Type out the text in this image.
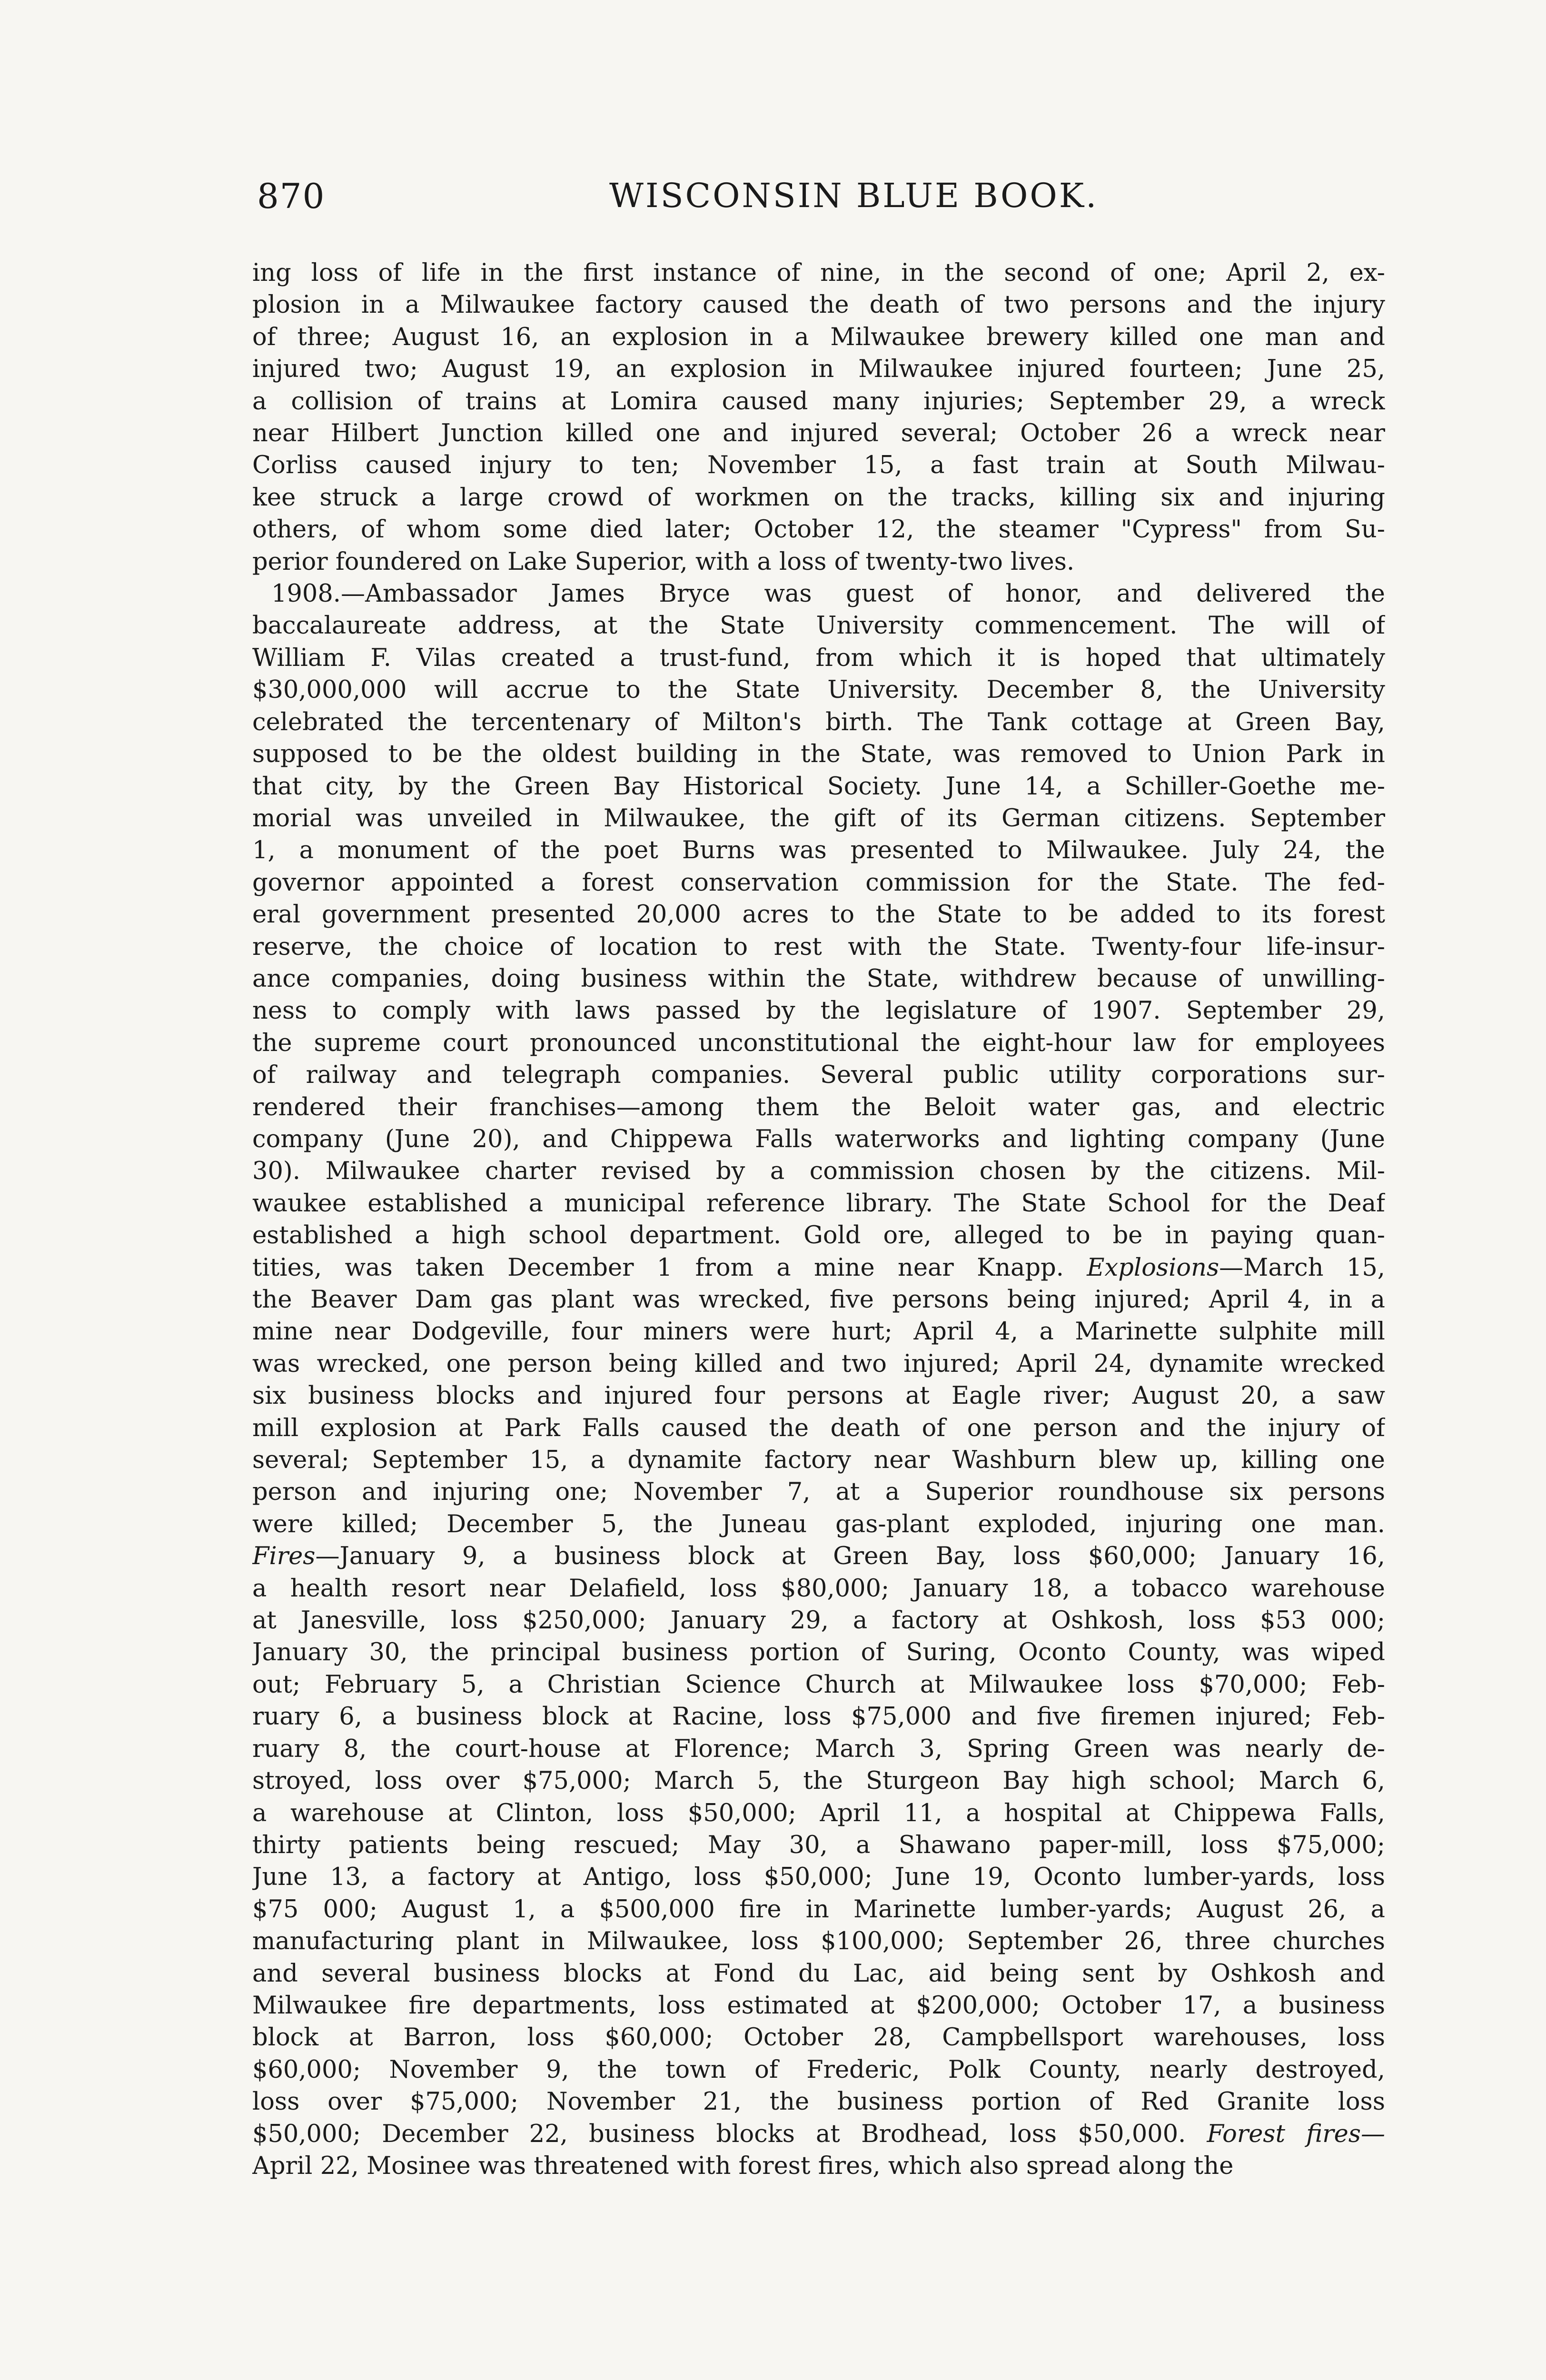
870	WISCONSIN BLUE BOOK.
ing loss of life in the first instance of nine, in the second of one; April 2, ex-
plosion in a Milwaukee factory caused the death of two persons and the injury
of three; August 16, an explosion in a Milwaukee brewery killed one man and
injured two; August 19, an explosion in Milwaukee injured fourteen; June 25,
a collision of trains at Lomira caused many injuries; September 29, a wreck
near Hilbert Junction killed one and injured several; October 26 a wreck near
Corliss caused injury to ten; November 15, a fast train at South Milwau-
kee struck a large crowd of workmen on the tracks, killing six and injuring
others, of whom some died later; October 12, the steamer "Cypress" from Su-
perior foundered on Lake Superior, with a loss of twenty-two lives.
1908.—Ambassador James Bryce was guest of honor, and delivered the
baccalaureate address, at the State University commencement. The will of
William F. Vilas created a trust-fund, from which it is hoped that ultimately
$30,000,000 will accrue to the State University. December 8, the University
celebrated the tercentenary of Milton's birth. The Tank cottage at Green Bay,
supposed to be the oldest building in the State, was removed to Union Park in
that city, by the Green Bay Historical Society. June 14, a Schiller-Goethe me-
morial was unveiled in Milwaukee, the gift of its German citizens. September
1, a monument of the poet Burns was presented to Milwaukee. July 24, the
governor appointed a forest conservation commission for the State. The fed-
eral government presented 20,000 acres to the State to be added to its forest
reserve, the choice of location to rest with the State. Twenty-four life-insur-
ance companies, doing business within the State, withdrew because of unwilling-
ness to comply with laws passed by the legislature of 1907. September 29,
the supreme court pronounced unconstitutional the eight-hour law for employees
of railway and telegraph companies. Several public utility corporations sur-
rendered their franchises—among them the Beloit water gas, and electric
company (June 20), and Chippewa Falls waterworks and lighting company (June
30). Milwaukee charter revised by a commission chosen by the citizens. Mil-
waukee established a municipal reference library. The State School for the Deaf
established a high school department. Gold ore, alleged to be in paying quan-
tities, was taken December 1 from a mine near Knapp. Explosions—March 15,
the Beaver Dam gas plant was wrecked, five persons being injured; April 4, in a
mine near Dodgeville, four miners were hurt; April 4, a Marinette sulphite mill
was wrecked, one person being killed and two injured; April 24, dynamite wrecked
six business blocks and injured four persons at Eagle river; August 20, a saw
mill explosion at Park Falls caused the death of one person and the injury of
several; September 15, a dynamite factory near Washburn blew up, killing one
person and injuring one; November 7, at a Superior roundhouse six persons
were killed; December 5, the Juneau gas-plant exploded, injuring one man.
Fires—January 9, a business block at Green Bay, loss $60,000; January 16,
a health resort near Delafield, loss $80,000; January 18, a tobacco warehouse
at Janesville, loss $250,000; January 29, a factory at Oshkosh, loss $53 000;
January 30, the principal business portion of Suring, Oconto County, was wiped
out; February 5, a Christian Science Church at Milwaukee loss $70,000; Feb-
ruary 6, a business block at Racine, loss $75,000 and five firemen injured; Feb-
ruary 8, the court-house at Florence; March 3, Spring Green was nearly de-
stroyed, loss over $75,000; March 5, the Sturgeon Bay high school; March 6,
a warehouse at Clinton, loss $50,000; April 11, a hospital at Chippewa Falls,
thirty patients being rescued; May 30, a Shawano paper-mill, loss $75,000;
June 13, a factory at Antigo, loss $50,000; June 19, Oconto lumber-yards, loss
$75 000; August 1, a $500,000 fire in Marinette lumber-yards; August 26, a
manufacturing plant in Milwaukee, loss $100,000; September 26, three churches
and several business blocks at Fond du Lac, aid being sent by Oshkosh and
Milwaukee fire departments, loss estimated at $200,000; October 17, a business
block at Barron, loss $60,000; October 28, Campbellsport warehouses, loss
$60,000; November 9, the town of Frederic, Polk County, nearly destroyed,
loss over $75,000; November 21, the business portion of Red Granite loss
$50,000; December 22, business blocks at Brodhead, loss $50,000. Forest fires—
April 22, Mosinee was threatened with forest fires, which also spread along the
